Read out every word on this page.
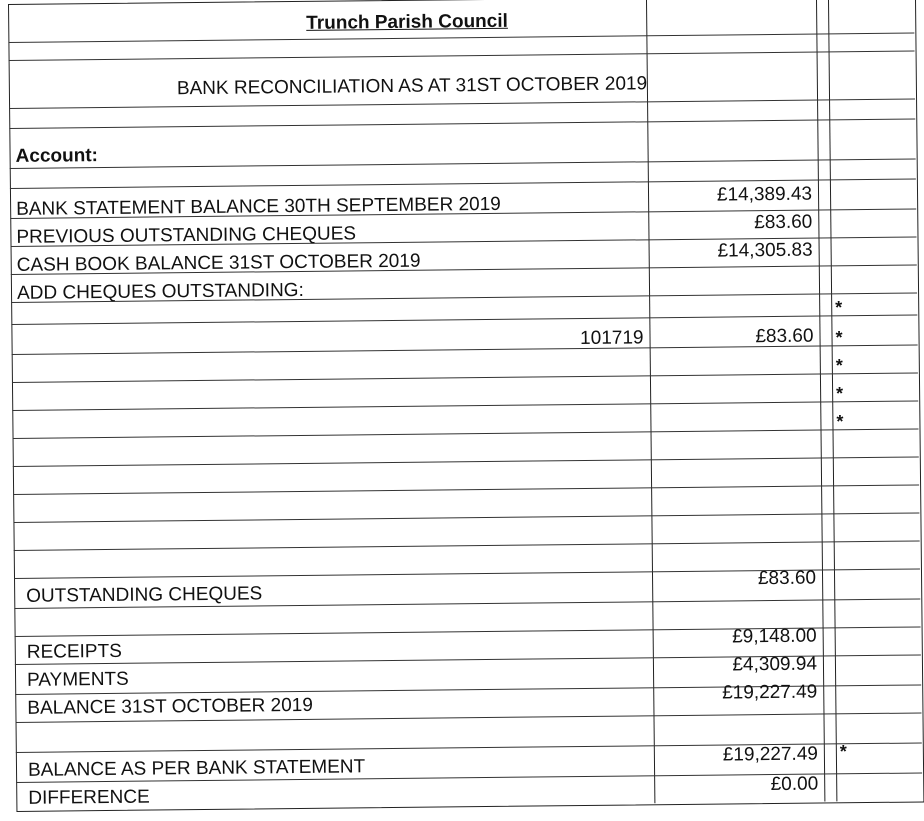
Trunch Parish Council
BANK RECONCILIATION AS AT 31ST OCTOBER 2019
Account:
BANK STATEMENT BALANCE 30TH SEPTEMBER 2019	£14,389.43
PREVIOUS OUTSTANDING CHEQUES
£83.60
CASH BOOK BALANCE 31ST OCTOBER 2019
£14,305.83
ADD CHEQUES OUTSTANDING:
101719	£83.60 *
*
*
*
*
OUTSTANDING CHEQUES
£83.60
RECEIPTS
£9,148.00
PAYMENTS
£4,309.94
BALANCE 31ST OCTOBER 2019
£19,227.49
BALANCE AS PER BANK STATEMENT
£19,227.49 *
DIFFERENCE
£0.00
